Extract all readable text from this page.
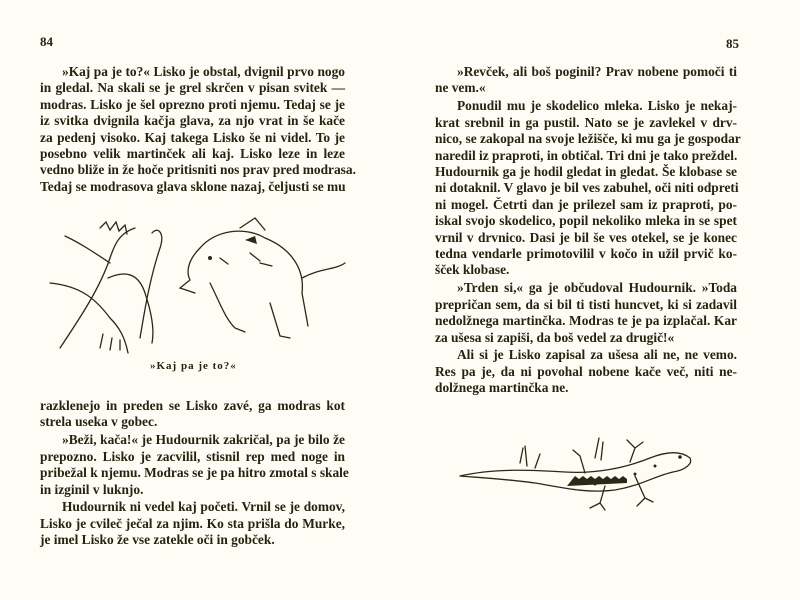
84	85
»Kaj pa je to?« Lisko je obstal, dvignil prvo nogo
in gledal. Na skali se je grel skrčen v pisan svitek —
modras. Lisko je šel oprezno proti njemu. Tedaj se je
iz svitka dvignila kačja glava, za njo vrat in še kače
za pedenj visoko. Kaj takega Lisko še ni videl. To je
posebno velik martinček ali kaj. Lisko leze in leze
vedno bliže in že hoče pritisniti nos prav pred modrasa.
Tedaj se modrasova glava sklone nazaj, čeljusti se mu
»Kaj pa je to?«
razklenejo in preden se Lisko zavé, ga modras kot
strela useka v gobec.
»Beži, kača!« je Hudournik zakričal, pa je bilo že
prepozno. Lisko je zacvilil, stisnil rep med noge in
pribežal k njemu. Modras se je pa hitro zmotal s skale
in izginil v luknjo.
Hudournik ni vedel kaj početi. Vrnil se je domov,
Lisko je cvileč ječal za njim. Ko sta prišla do Murke,
je imel Lisko že vse zatekle oči in gobček.
»Revček, ali boš poginil? Prav nobene pomoči ti
ne vem.«
Ponudil mu je skodelico mleka. Lisko je nekaj-
krat srebnil in ga pustil. Nato se je zavlekel v drv-
nico, se zakopal na svoje ležišče, ki mu ga je gospodar
naredil iz praproti, in obtičal. Tri dni je tako preždel.
Hudournik ga je hodil gledat in gledat. Še klobase se
ni dotaknil. V glavo je bil ves zabuhel, oči niti odpreti
ni mogel. Četrti dan je prilezel sam iz praproti, po-
iskal svojo skodelico, popil nekoliko mleka in se spet
vrnil v drvnico. Dasi je bil še ves otekel, se je konec
tedna vendarle primotovilil v kočo in užil prvič ko-
šček klobase.
»Trden si,« ga je občudoval Hudournik. »Toda
prepričan sem, da si bil ti tisti huncvet, ki si zadavil
nedolžnega martinčka. Modras te je pa izplačal. Kar
za ušesa si zapiši, da boš vedel za drugič!«
Ali si je Lisko zapisal za ušesa ali ne, ne vemo.
Res pa je, da ni povohal nobene kače več, niti ne-
dolžnega martinčka ne.
